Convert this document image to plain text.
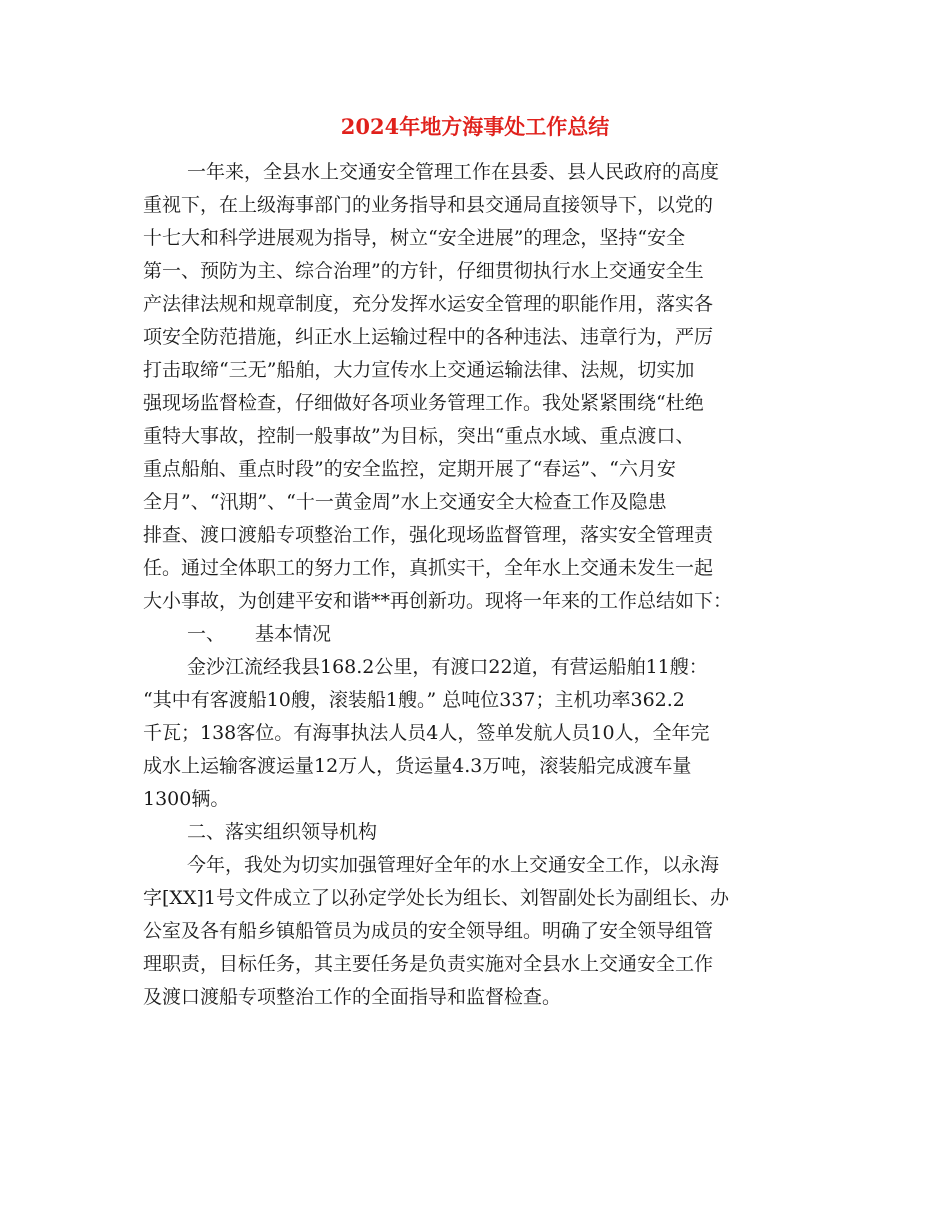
2024年地方海事处工作总结
一年来，全县水上交通安全管理工作在县委、县人民政府的高度
重视下，在上级海事部门的业务指导和县交通局直接领导下，以党的
十七大和科学进展观为指导，树立“安全进展”的理念，坚持“安全
第一、预防为主、综合治理”的方针，仔细贯彻执行水上交通安全生
产法律法规和规章制度，充分发挥水运安全管理的职能作用，落实各
项安全防范措施，纠正水上运输过程中的各种违法、违章行为，严厉
打击取缔“三无”船舶，大力宣传水上交通运输法律、法规，切实加
强现场监督检查，仔细做好各项业务管理工作。我处紧紧围绕“杜绝
重特大事故，控制一般事故”为目标，突出“重点水域、重点渡口、
重点船舶、重点时段”的安全监控，定期开展了“春运”、“六月安
全月”、“汛期”、“十一黄金周”水上交通安全大检查工作及隐患
排查、渡口渡船专项整治工作，强化现场监督管理，落实安全管理责
任。通过全体职工的努力工作，真抓实干，全年水上交通未发生一起
大小事故，为创建平安和谐**再创新功。现将一年来的工作总结如下：
一、 基本情况
金沙江流经我县168.2公里，有渡口22道，有营运船舶11艘：
“其中有客渡船10艘，滚装船1艘。” 总吨位337；主机功率362.2
千瓦；138客位。有海事执法人员4人，签单发航人员10人，全年完
成水上运输客渡运量12万人，货运量4.3万吨，滚装船完成渡车量
1300辆。
二、落实组织领导机构
今年，我处为切实加强管理好全年的水上交通安全工作，以永海
字[XX]1号文件成立了以孙定学处长为组长、刘智副处长为副组长、办
公室及各有船乡镇船管员为成员的安全领导组。明确了安全领导组管
理职责，目标任务，其主要任务是负责实施对全县水上交通安全工作
及渡口渡船专项整治工作的全面指导和监督检查。
